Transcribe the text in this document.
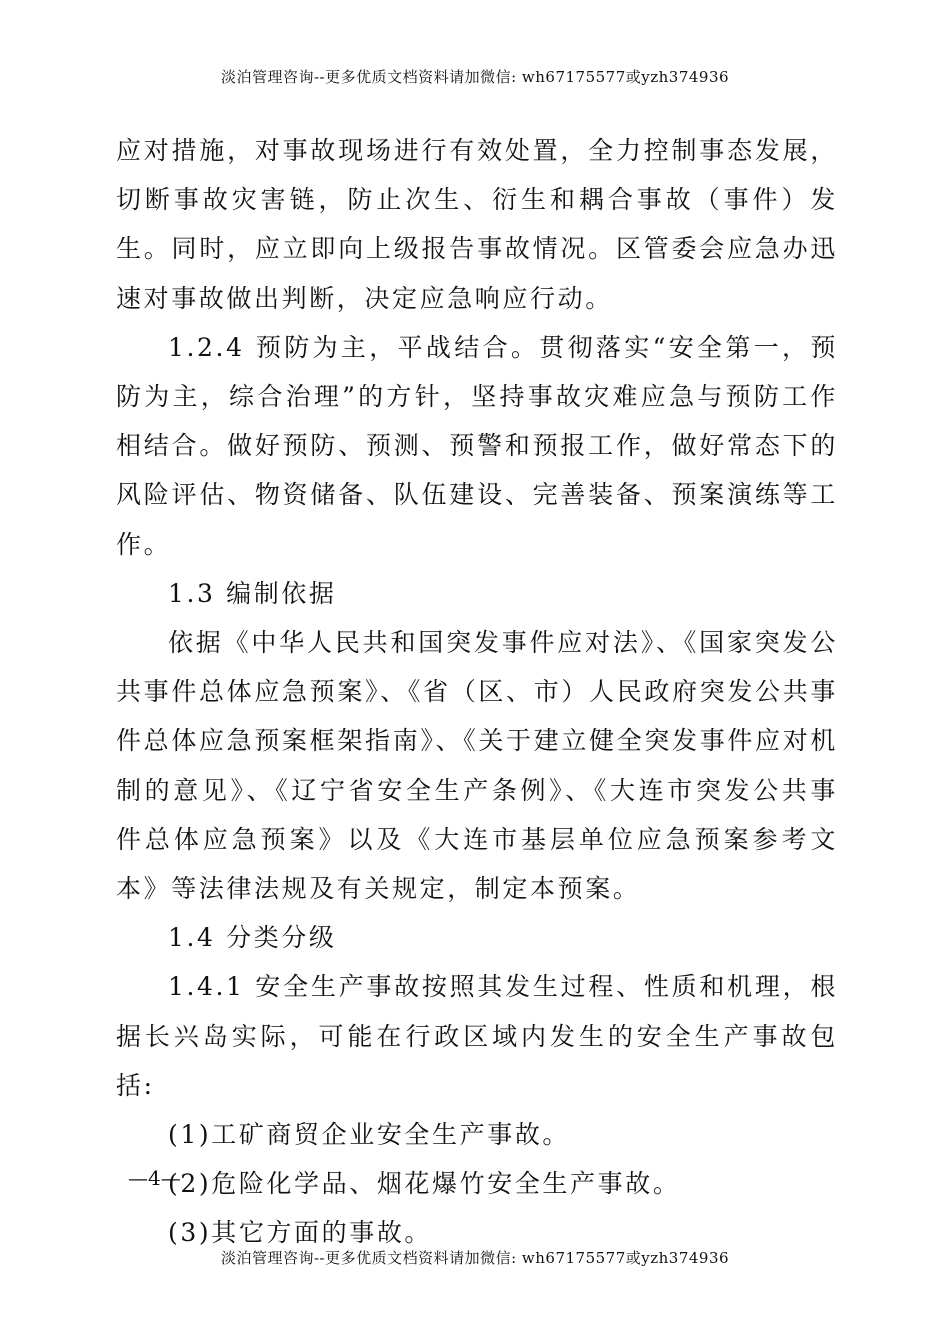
淡泊管理咨询--更多优质文档资料请加微信: wh67175577或yzh374936

应对措施，对事故现场进行有效处置，全力控制事态发展，切断事故灾害链，防止次生、衍生和耦合事故（事件）发生。同时，应立即向上级报告事故情况。区管委会应急办迅速对事故做出判断，决定应急响应行动。

1.2.4 预防为主，平战结合。贯彻落实“安全第一，预防为主，综合治理”的方针，坚持事故灾难应急与预防工作相结合。做好预防、预测、预警和预报工作，做好常态下的风险评估、物资储备、队伍建设、完善装备、预案演练等工作。

1.3 编制依据

依据《中华人民共和国突发事件应对法》、《国家突发公共事件总体应急预案》、《省（区、市）人民政府突发公共事件总体应急预案框架指南》、《关于建立健全突发事件应对机制的意见》、《辽宁省安全生产条例》、《大连市突发公共事件总体应急预案》以及《大连市基层单位应急预案参考文本》等法律法规及有关规定，制定本预案。

1.4 分类分级

1.4.1 安全生产事故按照其发生过程、性质和机理，根据长兴岛实际，可能在行政区域内发生的安全生产事故包括:

(1)工矿商贸企业安全生产事故。

(2)危险化学品、烟花爆竹安全生产事故。

(3)其它方面的事故。

—4—
淡泊管理咨询--更多优质文档资料请加微信: wh67175577或yzh374936
